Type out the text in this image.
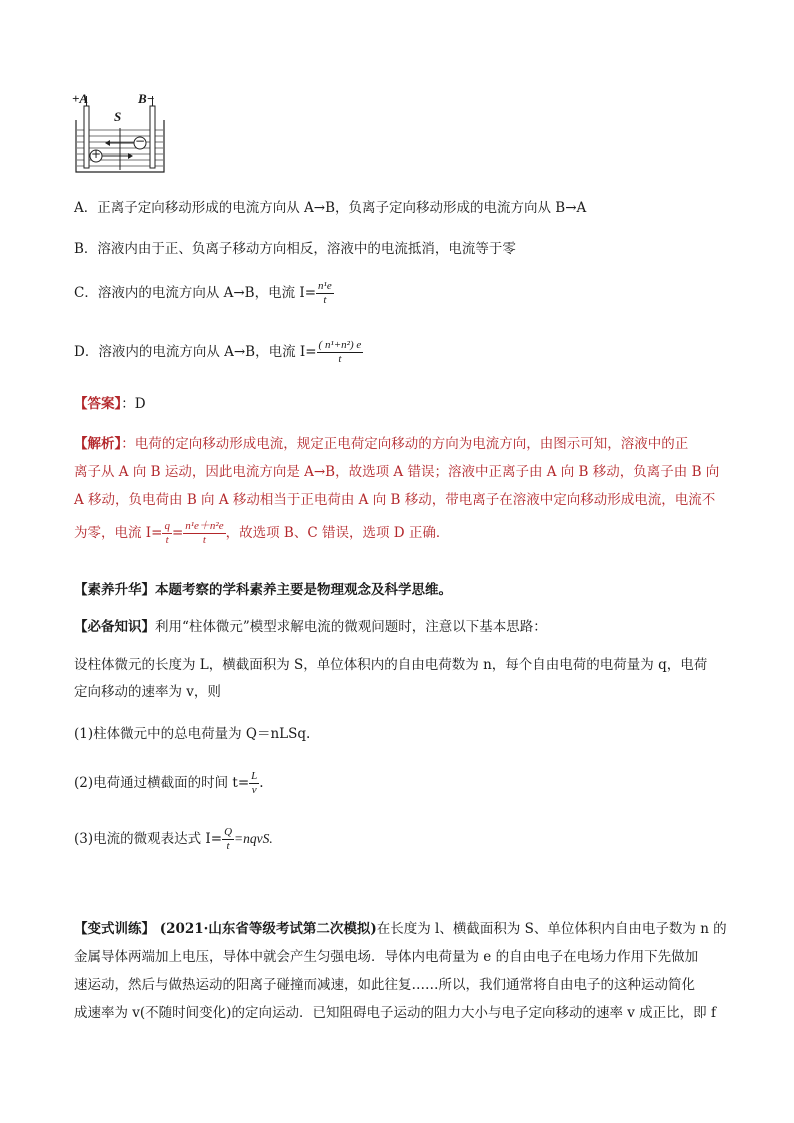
+A	B−
S
+
−
A．正离子定向移动形成的电流方向从 A→B，负离子定向移动形成的电流方向从 B→A
B．溶液内由于正、负离子移动方向相反，溶液中的电流抵消，电流等于零
C．溶液内的电流方向从 A→B，电流 $I= \frac{\text{n¹e}}{t}$
D．溶液内的电流方向从 A→B，电流 $I= \frac{\text{( n¹+n²) e}}{t}$
【答案】：D
【解析】：电荷的定向移动形成电流，规定正电荷定向移动的方向为电流方向，由图示可知，溶液中的正
离子从 A 向 B 运动，因此电流方向是 A→B，故选项 A 错误；溶液中正离子由 A 向 B 移动，负离子由 B 向
A 移动，负电荷由 B 向 A 移动相当于正电荷由 A 向 B 移动，带电离子在溶液中定向移动形成电流，电流不
为零，电流 $I= \frac{q}{t} = \frac{\text{n¹e＋n²e}}{t}$ ，故选项 B、C 错误，选项 D 正确．
【素养升华】本题考察的学科素养主要是物理观念及科学思维。
【必备知识】利用“柱体微元”模型求解电流的微观问题时，注意以下基本思路：
设柱体微元的长度为 L，横截面积为 S，单位体积内的自由电荷数为 n，每个自由电荷的电荷量为 q，电荷
定向移动的速率为 v，则
(1)柱体微元中的总电荷量为 Q＝nLSq.
(2)电荷通过横截面的时间 $t= \frac{L}{v}$ .
(3)电流的微观表达式 $I= \frac{Q}{t}$ =nqvS.
【变式训练】 (2021·山东省等级考试第二次模拟)在长度为 l、横截面积为 S、单位体积内自由电子数为 n 的
金属导体两端加上电压，导体中就会产生匀强电场．导体内电荷量为 e 的自由电子在电场力作用下先做加
速运动，然后与做热运动的阳离子碰撞而减速，如此往复……所以，我们通常将自由电子的这种运动简化
成速率为 v(不随时间变化)的定向运动．已知阻碍电子运动的阻力大小与电子定向移动的速率 v 成正比，即 f
